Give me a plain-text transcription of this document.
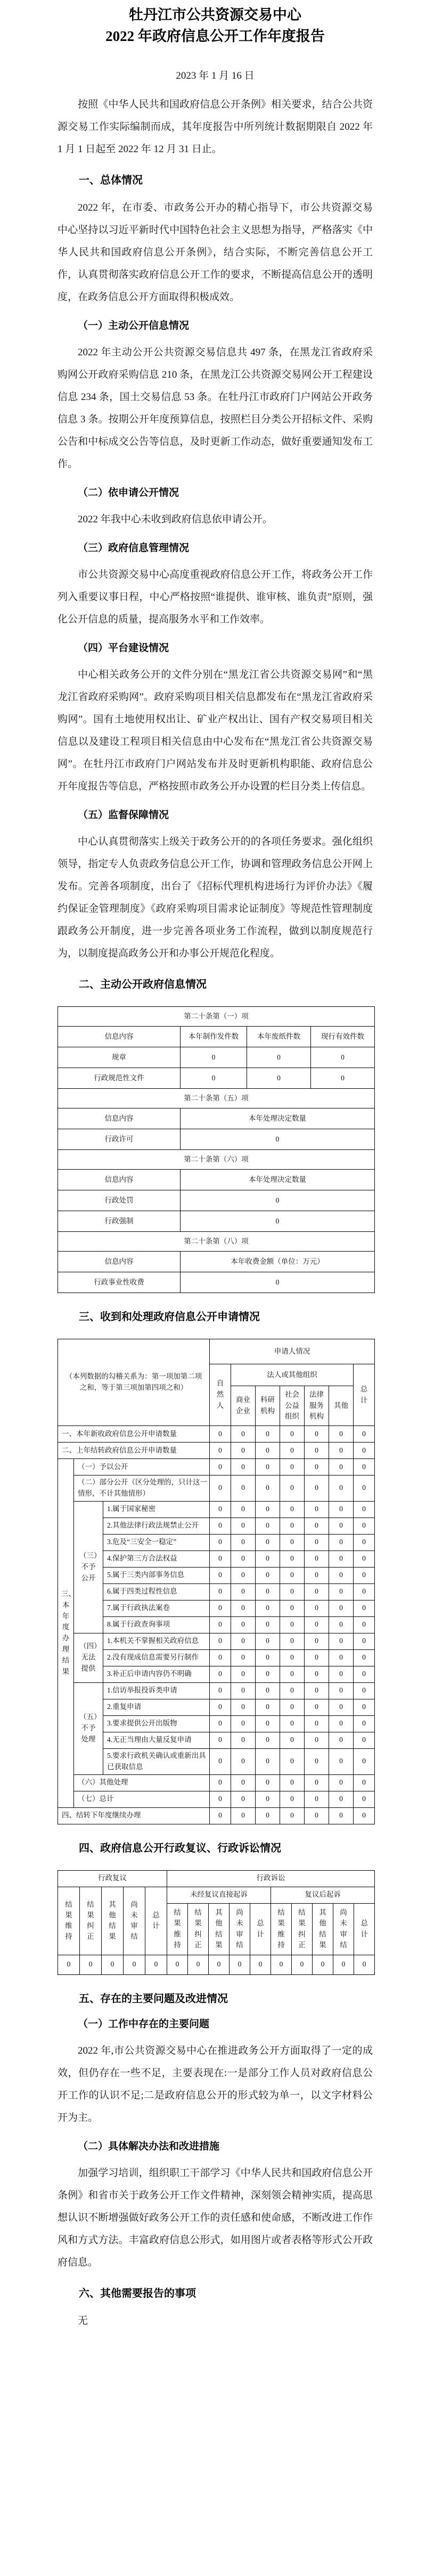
牡丹江市公共资源交易中心
2022 年政府信息公开工作年度报告
2023 年 1 月 16 日

按照《中华人民共和国政府信息公开条例》相关要求，结合公共资源交易工作实际编制而成，其年度报告中所列统计数据期限自 2022 年 1 月 1 日起至 2022 年 12 月 31 日止。

一、总体情况

2022 年，在市委、市政务公开办的精心指导下，市公共资源交易中心坚持以习近平新时代中国特色社会主义思想为指导，严格落实《中华人民共和国政府信息公开条例》，结合实际，不断完善信息公开工作，认真贯彻落实政府信息公开工作的要求，不断提高信息公开的透明度，在政务信息公开方面取得积极成效。

（一）主动公开信息情况

2022 年主动公开公共资源交易信息共 497 条，在黑龙江省政府采购网公开政府采购信息 210 条，在黑龙江公共资源交易网公开工程建设信息 234 条，国土交易信息 53 条。在牡丹江市政府门户网站公开政务信息 3 条。按期公开年度预算信息，按照栏目分类公开招标文件、采购公告和中标成交公告等信息，及时更新工作动态，做好重要通知发布工作。

（二）依申请公开情况

2022 年我中心未收到政府信息依申请公开。

（三）政府信息管理情况

市公共资源交易中心高度重视政府信息公开工作，将政务公开工作列入重要议事日程，中心严格按照“谁提供、谁审核、谁负责”原则，强化公开信息的质量，提高服务水平和工作效率。

（四）平台建设情况

中心相关政务公开的文件分别在“黑龙江省公共资源交易网”和“黑龙江省政府采购网”。政府采购项目相关信息都发布在“黑龙江省政府采购网”。国有土地使用权出让、矿业产权出让、国有产权交易项目相关信息以及建设工程项目相关信息由中心发布在“黑龙江省公共资源交易网”。在牡丹江市政府门户网站发布并及时更新机构职能、政府信息公开年度报告等信息，严格按照市政务公开办设置的栏目分类上传信息。

（五）监督保障情况

中心认真贯彻落实上级关于政务公开的的各项任务要求。强化组织领导，指定专人负责政务信息公开工作，协调和管理政务信息公开网上发布。完善各项制度，出台了《招标代理机构进场行为评价办法》《履约保证金管理制度》《政府采购项目需求论证制度》等规范性管理制度跟政务公开制度，进一步完善各项业务工作流程，做到以制度规范行为，以制度提高政务公开和办事公开规范化程度。

二、主动公开政府信息情况
第二十条第（一）项			
信息内容	本年制作发件数	本年废纸件数	现行有效件数
规章	0	0	0
行政规范性文件	0	0	0
第二十条第（五）项			
信息内容	本年处理决定数量		
行政许可	0		
第二十条第（六）项			
信息内容	本年处理决定数量		
行政处罚	0		
行政强制	0		
第二十条第（八）项			
信息内容	本年收费金额（单位：万元）		
行政事业性收费	0		
三、收到和处理政府信息公开申请情况
（本列数据的勾稽关系为：第一项加第二项之和，等于第三项加第四项之和）			申请人情况						
			自然人	法人或其他组织					总计
				商业企业	科研机构	社会公益组织	法律服务机构	其他	
一、本年新收政府信息公开申请数量			0	0	0	0	0	0	0
二、上年结转政府信息公开申请数量			0	0	0	0	0	0	0
三、本年度办理结果	（一）予以公开		0	0	0	0	0	0	0
	（二）部分公开（区分处理的，只计这一情形，不计其他情形）		0	0	0	0	0	0	0
	（三）不予公开	1.属于国家秘密	0	0	0	0	0	0	0
		2.其他法律行政法规禁止公开	0	0	0	0	0	0	0
		3.危及“三安全一稳定”	0	0	0	0	0	0	0
		4.保护第三方合法权益	0	0	0	0	0	0	0
		5.属于三类内部事务信息	0	0	0	0	0	0	0
		6.属于四类过程性信息	0	0	0	0	0	0	0
		7.属于行政执法案卷	0	0	0	0	0	0	0
		8.属于行政查询事项	0	0	0	0	0	0	0
	（四）无法提供	1.本机关不掌握相关政府信息	0	0	0	0	0	0	0
		2.没有现成信息需要另行制作	0	0	0	0	0	0	0
		3.补正后申请内容仍不明确	0	0	0	0	0	0	0
	（五）不予处理	1.信访举报投诉类申请	0	0	0	0	0	0	0
		2.重复申请	0	0	0	0	0	0	0
		3.要求提供公开出版物	0	0	0	0	0	0	0
		4.无正当理由大量反复申请	0	0	0	0	0	0	0
		5.要求行政机关确认或重新出具已获取信息	0	0	0	0	0	0	0
	（六）其他处理		0	0	0	0	0	0	0
	（七）总计		0	0	0	0	0	0	0
四、结转下年度继续办理			0	0	0	0	0	0	0
四、政府信息公开行政复议、行政诉讼情况
行政复议					行政诉讼									
结果维持	结果纠正	其他结果	尚未审结	总计	未经复议直接起诉					复议后起诉				
					结果维持	结果纠正	其他结果	尚未审结	总计	结果维持	结果纠正	其他结果	尚未审结	总计
0	0	0	0	0	0	0	0	0	0	0	0	0	0	0
五、存在的主要问题及改进情况
（一）工作中存在的主要问题

2022 年,市公共资源交易中心在推进政务公开方面取得了一定的成效，但仍存在一些不足，主要表现在:一是部分工作人员对政府信息公开工作的认识不足;二是政府信息公开的形式较为单一，以文字材料公开为主。

（二）具体解决办法和改进措施

加强学习培训，组织职工干部学习《中华人民共和国政府信息公开条例》和省市关于政务公开工作文件精神，深刻领会精神实质，提高思想认识不断增强做好政务公开工作的责任感和使命感，不断改进工作作风和方式方法。丰富政府信息公形式，如用图片或者表格等形式公开政府信息。

六、其他需要报告的事项

无
